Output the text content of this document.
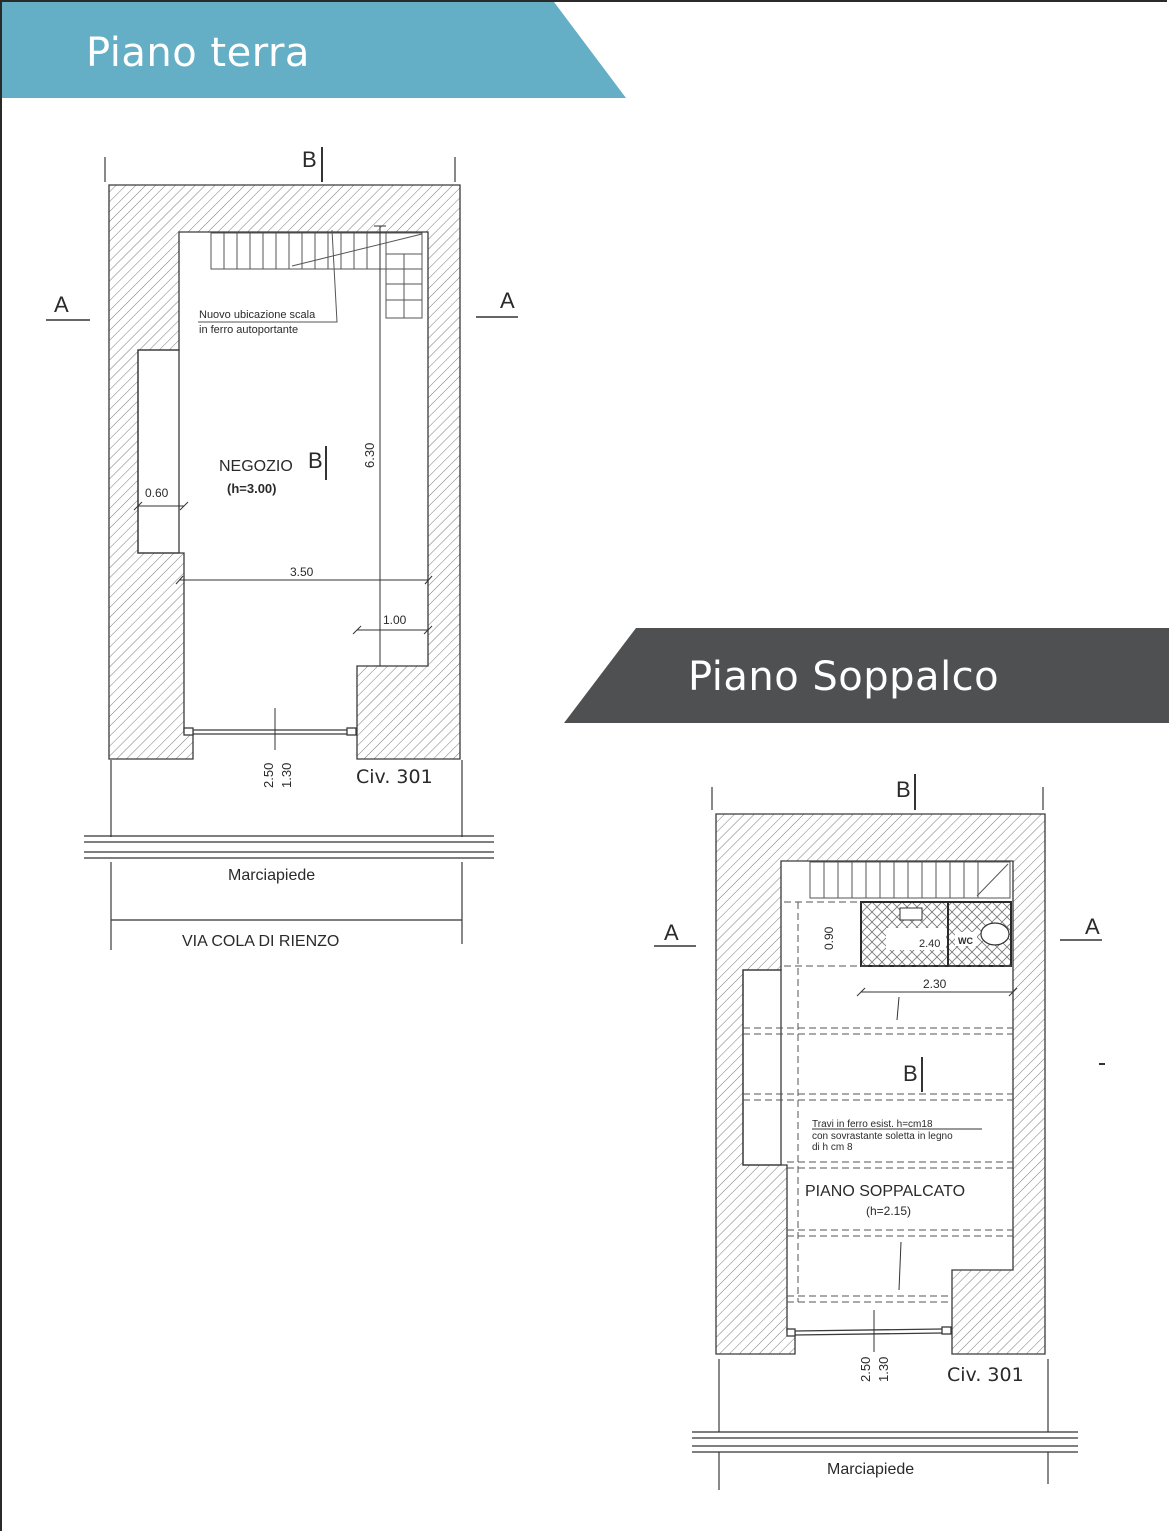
Piano terra
Piano Soppalco
B
A	A
B
Nuovo ubicazione scala
in ferro autoportante
NEGOZIO
(h=3.00)
6.30
3.50
0.60
1.00
2.50 1.30	Civ. 301
Marciapiede
VIA COLA DI RIENZO	2.40 WC
B
A	A
B
0.90
2.30
Travi in ferro esist. h=cm18
con sovrastante soletta in legno
di h cm 8
PIANO SOPPALCATO
(h=2.15)
2.50 1.30	Civ. 301
Marciapiede
